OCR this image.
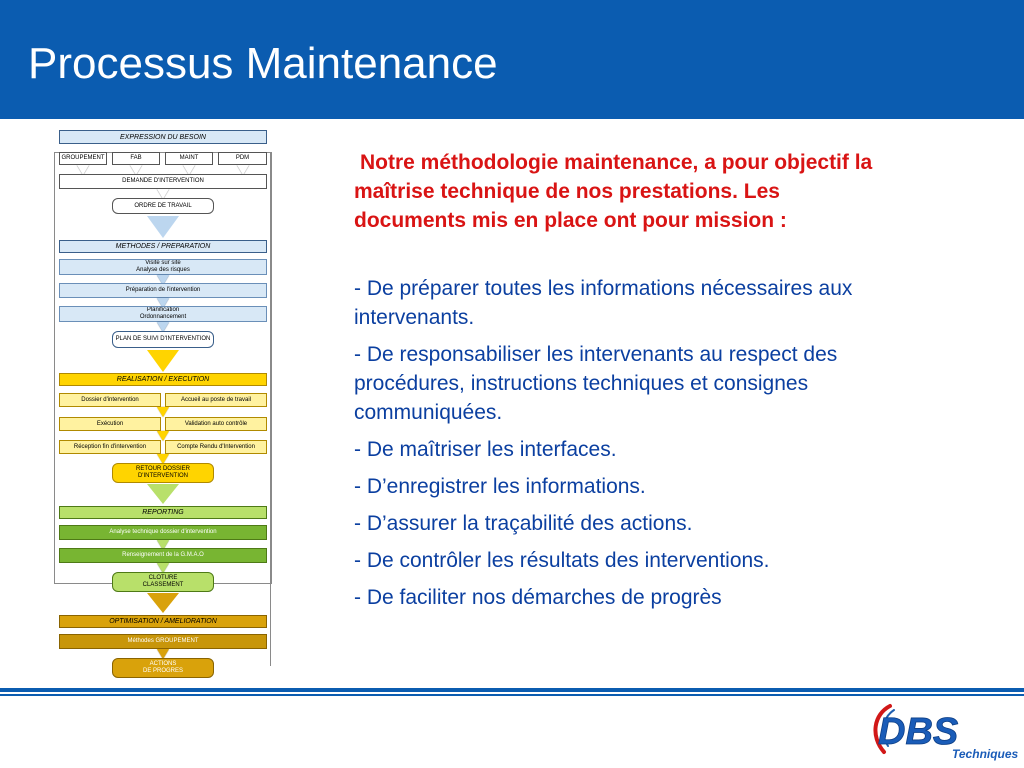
Processus Maintenance
EXPRESSION DU BESOIN
GROUPEMENT	FAB	MAINT	PDM
DEMANDE D'INTERVENTION
ORDRE DE TRAVAIL
METHODES / PREPARATION
Visite sur site
Analyse des risques
Préparation de l'intervention
Planification
Ordonnancement
PLAN DE SUIVI D'INTERVENTION
REALISATION / EXECUTION
Dossier d'intervention	Accueil au poste de travail
Exécution	Validation auto contrôle
Réception fin d'intervention	Compte Rendu d'Intervention
RETOUR DOSSIER
D'INTERVENTION
REPORTING
Analyse technique dossier d'intervention
Renseignement de la G.M.A.O
CLOTURE
CLASSEMENT
OPTIMISATION / AMELIORATION
Méthodes GROUPEMENT
ACTIONS
DE PROGRES
Notre méthodologie maintenance, a pour objectif la
maîtrise technique de nos prestations. Les
documents mis en place ont pour mission :
- De préparer toutes les informations nécessaires aux
intervenants.
- De responsabiliser les intervenants au respect des
procédures, instructions techniques et consignes
communiquées.
- De maîtriser les interfaces.
- D’enregistrer les informations.
- D’assurer la traçabilité des actions.
- De contrôler les résultats des interventions.
- De faciliter nos démarches de progrès
DBS
Techniques
